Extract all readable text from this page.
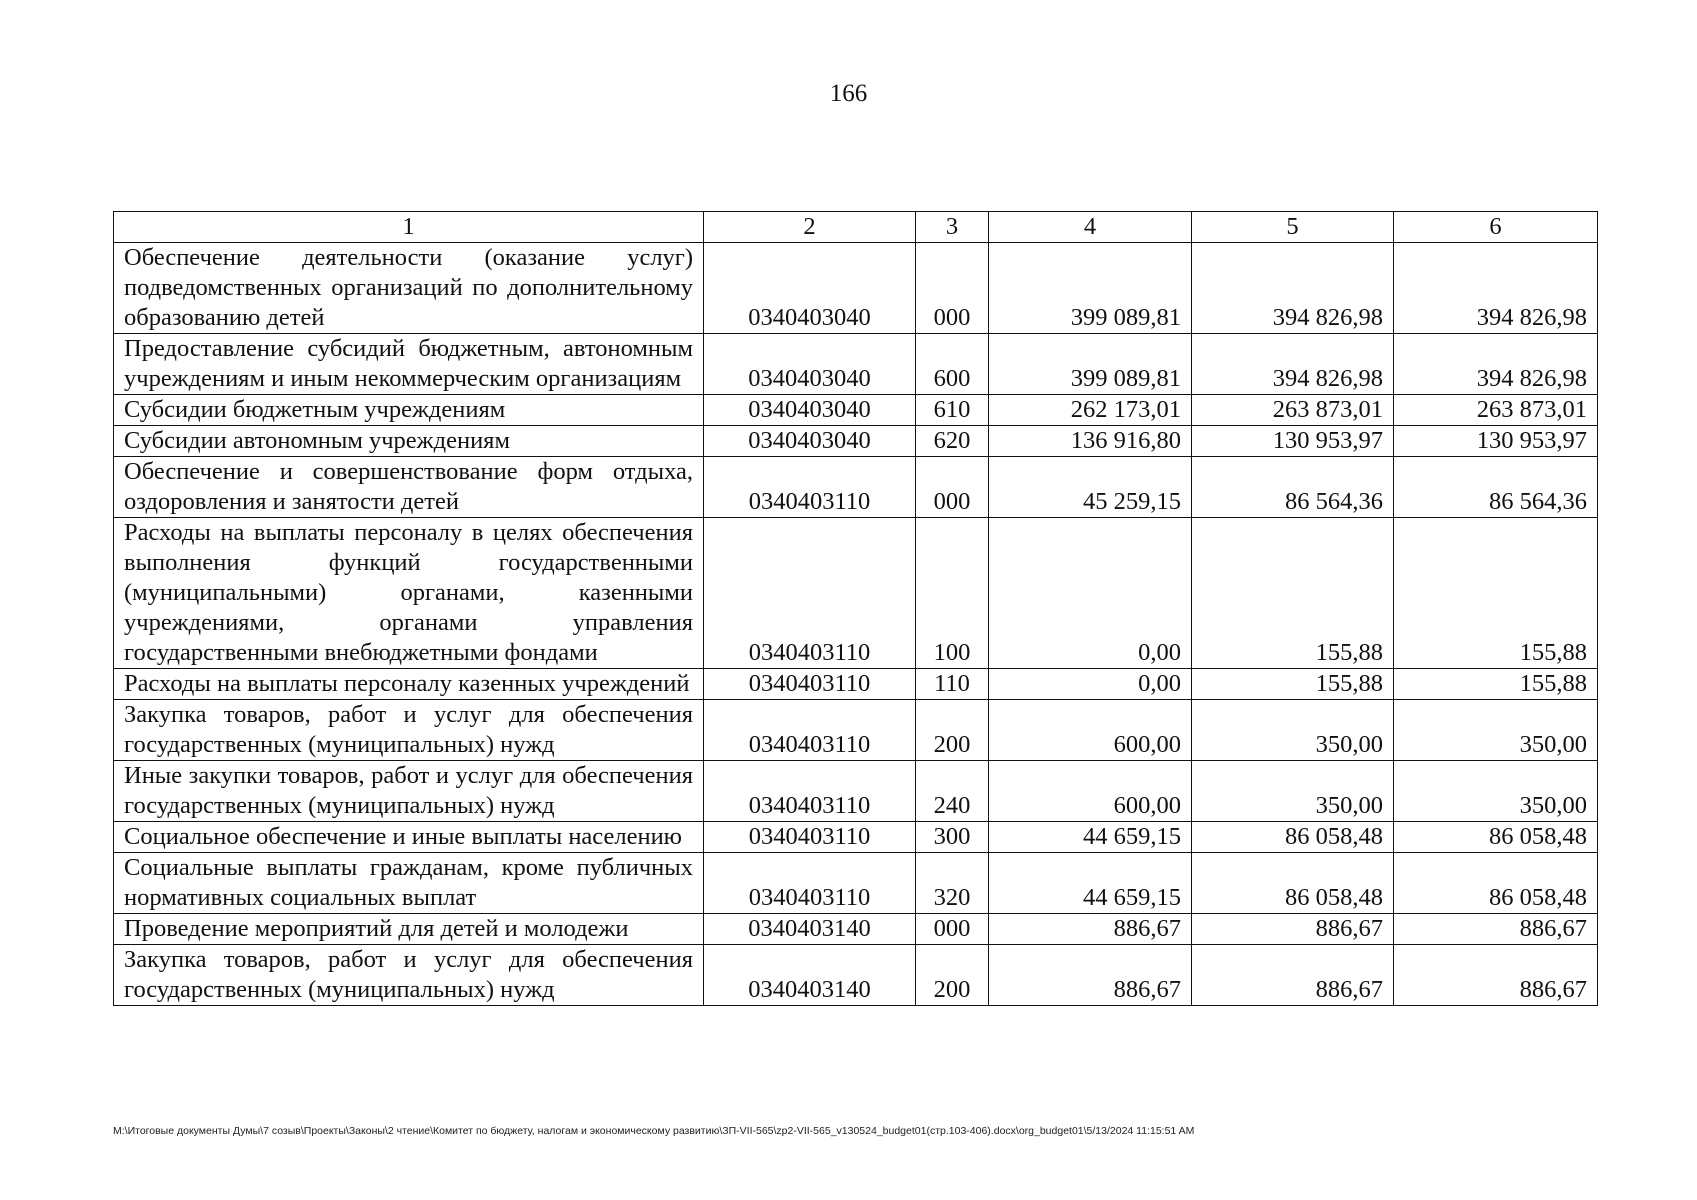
166
1	2	3	4	5	6
Обеспечение деятельности (оказание услуг) подведомственных организаций по дополнительному образованию детей	0340403040	000	399 089,81	394 826,98	394 826,98
Предоставление субсидий бюджетным, автономным учреждениям и иным некоммерческим организациям	0340403040	600	399 089,81	394 826,98	394 826,98
Субсидии бюджетным учреждениям	0340403040	610	262 173,01	263 873,01	263 873,01
Субсидии автономным учреждениям	0340403040	620	136 916,80	130 953,97	130 953,97
Обеспечение и совершенствование форм отдыха, оздоровления и занятости детей	0340403110	000	45 259,15	86 564,36	86 564,36
Расходы на выплаты персоналу в целях обеспечения выполнения функций государственными (муниципальными) органами, казенными учреждениями, органами управления государственными внебюджетными фондами	0340403110	100	0,00	155,88	155,88
Расходы на выплаты персоналу казенных учреждений	0340403110	110	0,00	155,88	155,88
Закупка товаров, работ и услуг для обеспечения государственных (муниципальных) нужд	0340403110	200	600,00	350,00	350,00
Иные закупки товаров, работ и услуг для обеспечения государственных (муниципальных) нужд	0340403110	240	600,00	350,00	350,00
Социальное обеспечение и иные выплаты населению	0340403110	300	44 659,15	86 058,48	86 058,48
Социальные выплаты гражданам, кроме публичных нормативных социальных выплат	0340403110	320	44 659,15	86 058,48	86 058,48
Проведение мероприятий для детей и молодежи	0340403140	000	886,67	886,67	886,67
Закупка товаров, работ и услуг для обеспечения государственных (муниципальных) нужд	0340403140	200	886,67	886,67	886,67
М:\Итоговые документы Думы\7 созыв\Проекты\Законы\2 чтение\Комитет по бюджету, налогам и экономическому развитию\ЗП-VII-565\zp2-VII-565_v130524_budget01(стр.103-406).docx\org_budget01\5/13/2024 11:15:51 AM
